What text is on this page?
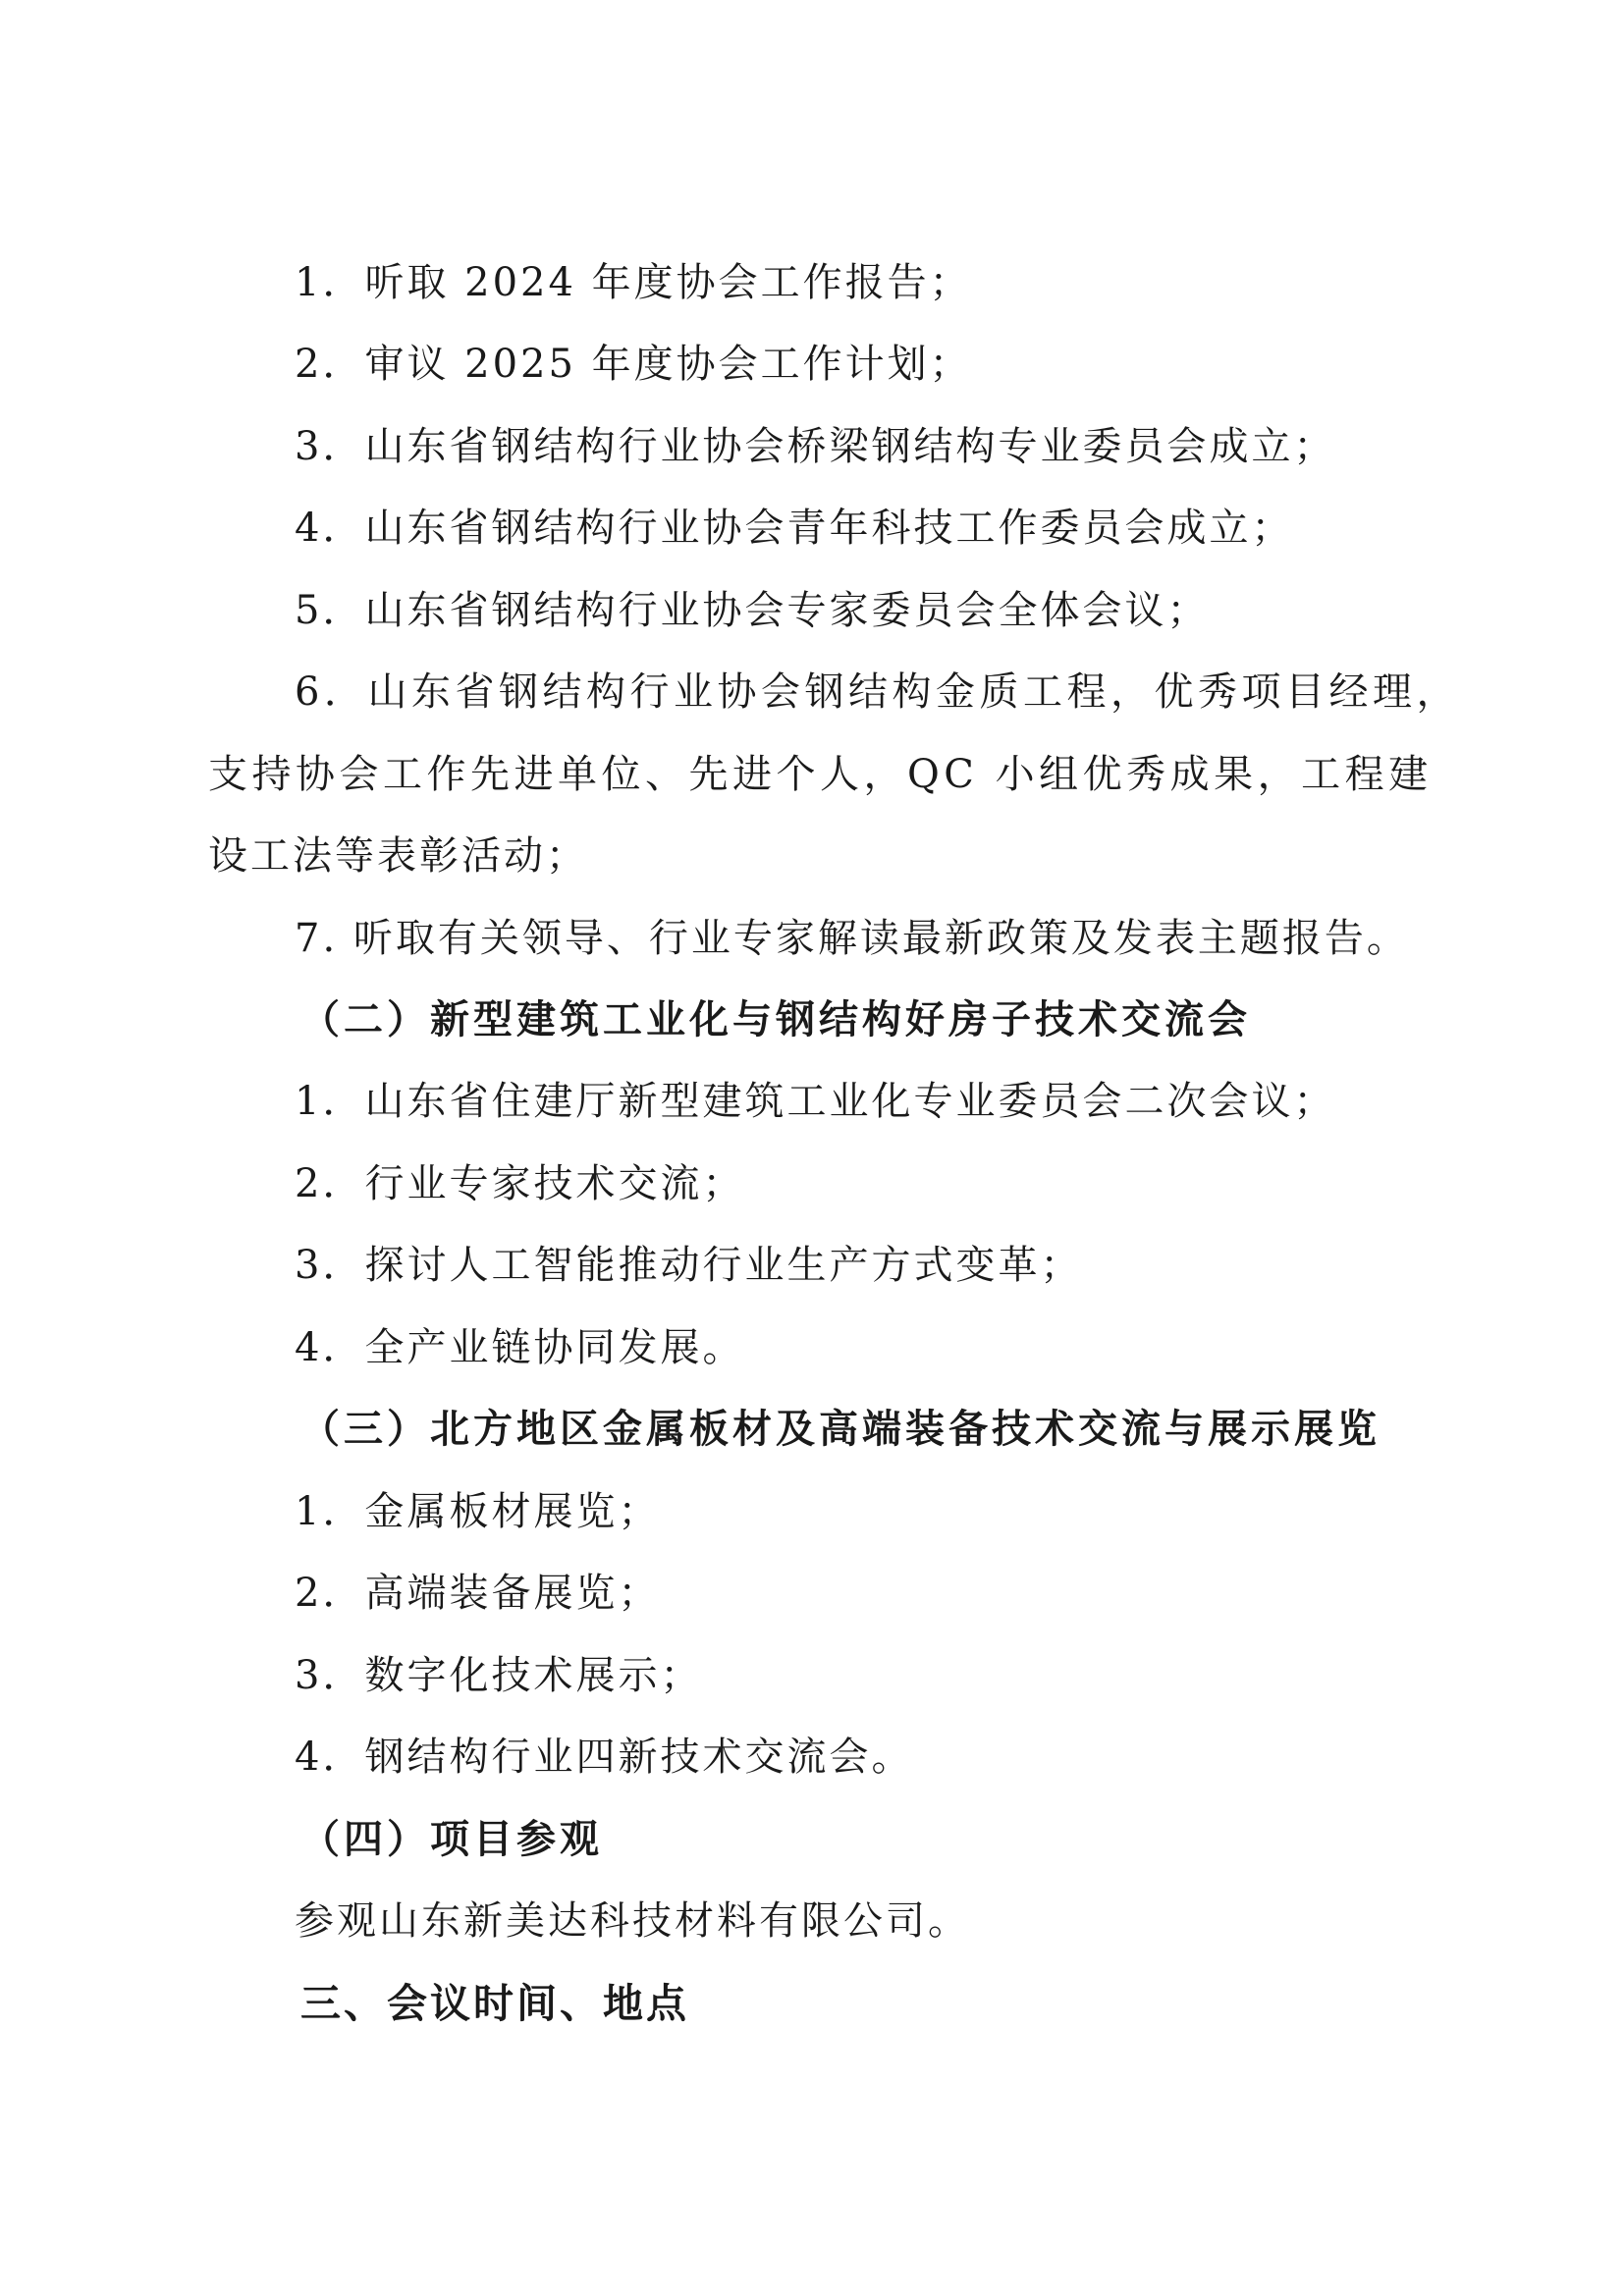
1．听取 2024 年度协会工作报告；
2．审议 2025 年度协会工作计划；
3．山东省钢结构行业协会桥梁钢结构专业委员会成立；
4．山东省钢结构行业协会青年科技工作委员会成立；
5．山东省钢结构行业协会专家委员会全体会议；
6．山东省钢结构行业协会钢结构金质工程，优秀项目经理，
支持协会工作先进单位、先进个人，QC 小组优秀成果，工程建
设工法等表彰活动；
7. 听取有关领导、行业专家解读最新政策及发表主题报告。
（二）新型建筑工业化与钢结构好房子技术交流会
1．山东省住建厅新型建筑工业化专业委员会二次会议；
2．行业专家技术交流；
3．探讨人工智能推动行业生产方式变革；
4．全产业链协同发展。
（三）北方地区金属板材及高端装备技术交流与展示展览
1．金属板材展览；
2．高端装备展览；
3．数字化技术展示；
4．钢结构行业四新技术交流会。
（四）项目参观
参观山东新美达科技材料有限公司。
三、会议时间、地点
